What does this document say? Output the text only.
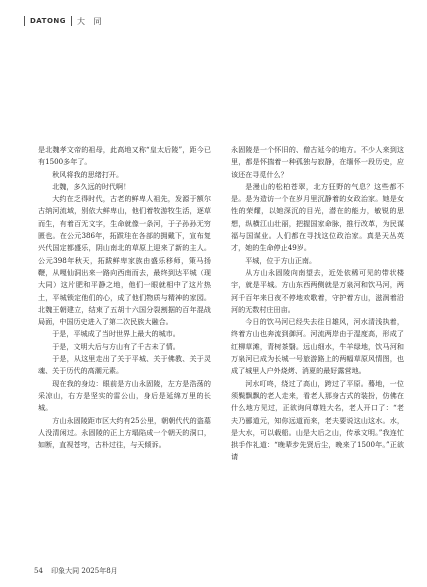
DATONG 大 同

是北魏孝文帝的祖母，此高地又称“皇太后陵”，距今已有1500多年了。

秋风将我的思绪打开。

北魏，多久远的时代啊！

大约在乏得时代，古老的鲜卑人祖先，发源于额尔古纳河流域，别依大鲜卑山，他们着牧游牧生活，逐草而生，有着百无文字，生命就像一条河，于子孙孙无穷匮也。在公元386年，拓跋珪在各部的拥戴下，宣布复兴代国定都盛乐，阴山南北的草原上迎来了新的主人。公元398年秋天，拓跋鲜卑家族由盛乐移师，策马扬鞭，从嘎仙洞出来一路向西南而去，最终到达平城（现大同）这片肥和平静之地，他们一眼就相中了这片热土，平城锁定他们的心，成了他们物质与精神的家园。北魏王朝建立，结束了五胡十六国分裂割据的百年混战局面，中国历史进入了第二次民族大融合。

于是，平城成了当时世界上最大的城市。

于是，文明大后与方山有了千古未了情。

于是，从这里走出了关于平城、关于佛教、关于灵魂、关于历代的高潮元素。

现在我的身边：眼前是方山永固陵，左方是浩荡的采凉山，右方是坚实的雷公山，身后是延绵万里的长城。

方山永固陵距市区大约有25公里，朝朝代代的盗墓人没清闲过。永固陵的正上方塌陷成一个朝天的洞口，如断，直视苍穹，古朴过往，与天倾诉。

永固陵是一个怀旧的、僧古延今的地方。不少人来到这里，都是怀揣着一种孤独与寂静，在缅怀一段历史，应该还在寻觅什么？

是漫山的松柏苍翠，北方狂野的气息？这些都不是。是为造访一个在岁月里沉静着的女政治家。她是女性的荣耀，以她深沉的目光，潜在的能力，敏锐的思想，纵横江山壮丽，把握国家命脉，推行改革，为民谋福与国谋业。人们都在寻找这位政治家。真是天丛英才，她的生命停止49岁。

平城，位于方山正南。

从方山永固陵向南望去，近处依稀可见的带状楼宇，就是平城。方山东西两侧就是万泉河和饮马河，两河千百年来日夜不停地欢歌着，守护着方山，滋润着沿河的无数村庄田亩。

今日的饮马河已经失去往日雄风，河水清浅执着，终着方山也奔流到御河。河流两岸由于湿度高，形成了红柳草滩，青树茶翳。远山细水，牛羊绿地，饮马河和万泉河已成为长城一号旅游路上的两幅草原风情图，也成了城里人户外烧烤、消夏的最好露营地。

河水叮咚，绕过了高山，跨过了平原。蓦地，一位须鬓飘飘的老人走来，看老人那身古式的装扮，仿佛在什么地方见过，正欲询问尊姓大名，老人开口了：“老夫乃郦道元，知你远道而来，老夫要说这山这水。水，是大水，可以载船。山是大后之山，传承文明。”我连忙拱手作礼道：“晚辈步先贤后尘，晚来了1500年。”正欲请

54 印象大同 2025年8月
